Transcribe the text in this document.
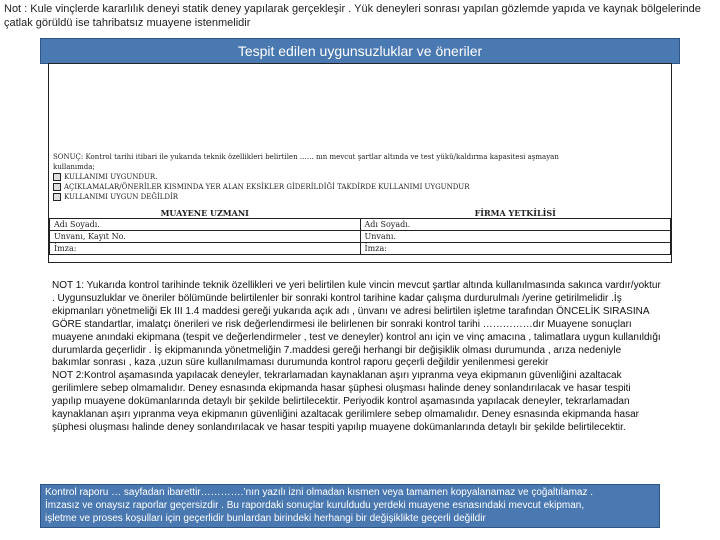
Not : Kule vinçlerde kararlılık deneyi statik deney yapılarak gerçekleşir . Yük deneyleri sonrası yapılan gözlemde yapıda ve kaynak bölgelerinde çatlak görüldü ise tahribatsız muayene istenmelidir
Tespit edilen uygunsuzluklar ve öneriler
SONUÇ: Kontrol tarihi itibari ile yukarıda teknik özellikleri belirtilen …… nın mevcut şartlar altında ve test yükü/kaldırma kapasitesi aşmayan
kullanımda;
KULLANIMI UYGUNDUR.
AÇIKLAMALAR/ÖNERİLER KISMINDA YER ALAN EKSİKLER GİDERİLDİĞİ TAKDİRDE KULLANIMI UYGUNDUR
KULLANIMI UYGUN DEĞİLDİR
MUAYENE UZMANI	FİRMA YETKİLİSİ
Adı Soyadı.	Adı Soyadı.
Unvanı, Kayıt No.	Unvanı.
İmza:	İmza:

NOT 1: Yukarıda kontrol tarihinde teknik özellikleri ve yeri belirtilen kule vincin mevcut şartlar altında kullanılmasında sakınca vardır/yoktur . Uygunsuzluklar ve öneriler bölümünde belirtilenler bir sonraki kontrol tarihine kadar çalışma durdurulmalı /yerine getirilmelidir .İş ekipmanları yönetmeliği Ek III 1.4 maddesi gereği yukarıda açık adı , ünvanı ve adresi belirtilen işletme tarafından ÖNCELİK SIRASINA GÖRE standartlar, imalatçı önerileri ve risk değerlendirmesi ile belirlenen bir sonraki kontrol tarihi ……………dır Muayene sonuçları muayene anındaki ekipmana (tespit ve değerlendirmeler , test ve deneyler) kontrol anı için ve vinç amacına , talimatlara uygun kullanıldığı durumlarda geçerlidir . İş ekipmanında yönetmeliğin 7.maddesi gereği herhangi bir değişiklik olması durumunda , arıza nedeniyle bakımlar sonrası , kaza ,uzun süre kullanılmaması durumunda kontrol raporu geçerli değildir yenilenmesi gerekir

NOT 2:Kontrol aşamasında yapılacak deneyler, tekrarlamadan kaynaklanan aşırı yıpranma veya ekipmanın güvenliğini azaltacak gerilimlere sebep olmamalıdır. Deney esnasında ekipmanda hasar şüphesi oluşması halinde deney sonlandırılacak ve hasar tespiti yapılıp muayene dokümanlarında detaylı bir şekilde belirtilecektir. Periyodik kontrol aşamasında yapılacak deneyler, tekrarlamadan kaynaklanan aşırı yıpranma veya ekipmanın güvenliğini azaltacak gerilimlere sebep olmamalıdır. Deney esnasında ekipmanda hasar şüphesi oluşması halinde deney sonlandırılacak ve hasar tespiti yapılıp muayene dokümanlarında detaylı bir şekilde belirtilecektir.

Kontrol raporu … sayfadan ibarettir………….’nın yazılı izni olmadan kısmen veya tamamen kopyalanamaz ve çoğaltılamaz .

İmzasız ve onaysız raporlar geçersizdir . Bu rapordaki sonuçlar kuruldudu yerdeki muayene esnasındaki mevcut ekipman,

işletme ve proses koşulları için geçerlidir bunlardan birindeki herhangi bir değişiklikte geçerli değildir
